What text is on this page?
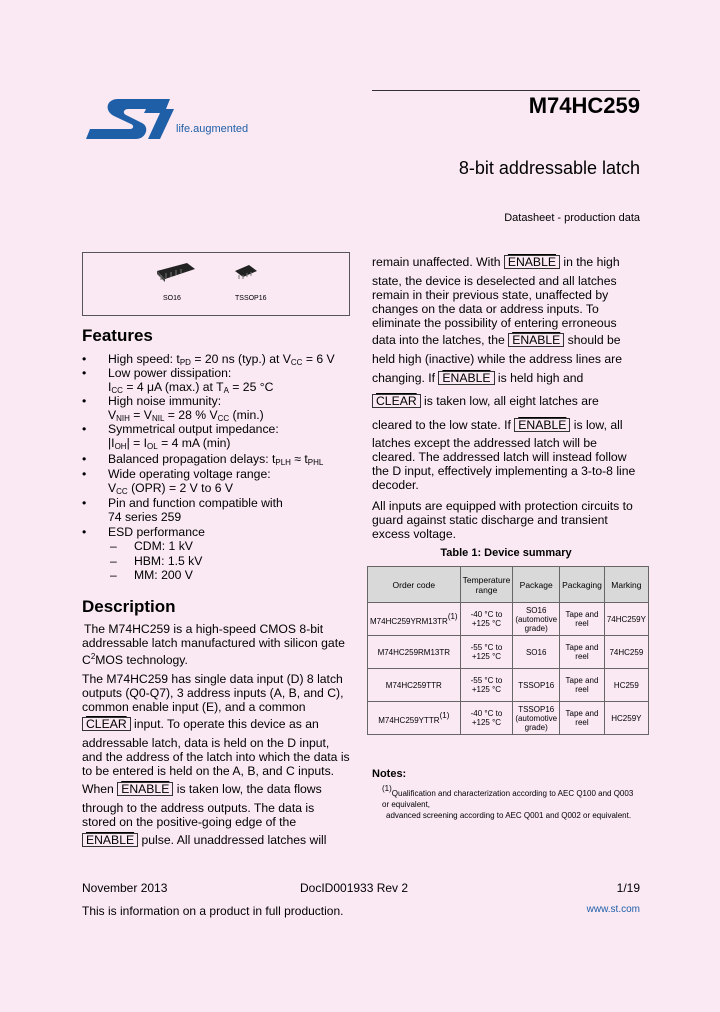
life.augmented
M74HC259
8-bit addressable latch
Datasheet - production data
SO16	TSSOP16
Features
• High speed: $t_{PD} = 20$ ns (typ.) at $V_{CC} = 6$ V
• Low power dissipation:
$I_{CC} = 4$ μA (max.) at $T_A = 25$ °C
• High noise immunity:
$V_{NIH} = V_{NIL} = 28$ % $V_{CC}$ (min.)
• Symmetrical output impedance:
$|I_{OH}| = I_{OL} = 4$ mA (min)
• Balanced propagation delays: $t_{PLH} \approx t_{PHL}$
• Wide operating voltage range:
$V_{CC}$ (OPR) = 2 V to 6 V
• Pin and function compatible with
74 series 259
• ESD performance
– CDM: 1 kV
– HBM: 1.5 kV
– MM: 200 V
Description
The M74HC259 is a high-speed CMOS 8-bit
addressable latch manufactured with silicon gate
$C^2MOS$ technology.
The M74HC259 has single data input (D) 8 latch
outputs (Q0-Q7), 3 address inputs (A, B, and C),
common enable input (E), and a common
CLEAR input. To operate this device as an
addressable latch, data is held on the D input,
and the address of the latch into which the data is
to be entered is held on the A, B, and C inputs.
When ENABLE is taken low, the data flows
through to the address outputs. The data is
stored on the positive-going edge of the
ENABLE pulse. All unaddressed latches will
remain unaffected. With ENABLE in the high
state, the device is deselected and all latches
remain in their previous state, unaffected by
changes on the data or address inputs. To
eliminate the possibility of entering erroneous
data into the latches, the ENABLE should be
held high (inactive) while the address lines are
changing. If ENABLE is held high and
CLEAR is taken low, all eight latches are
cleared to the low state. If ENABLE is low, all
latches except the addressed latch will be
cleared. The addressed latch will instead follow
the D input, effectively implementing a 3-to-8 line
decoder.
All inputs are equipped with protection circuits to
guard against static discharge and transient
excess voltage.
Table 1: Device summary
Order code	Temperature range	Package	Packaging	Marking
M74HC259YRM13TR(1)	-40 °C to +125 °C	SO16 (automotive grade)	Tape and reel	74HC259Y
M74HC259RM13TR	-55 °C to +125 °C	SO16	Tape and reel	74HC259
M74HC259TTR	-55 °C to +125 °C	TSSOP16	Tape and reel	HC259
M74HC259YTTR(1)	-40 °C to +125 °C	TSSOP16 (automotive grade)	Tape and reel	HC259Y
Notes:
(1)Qualification and characterization according to AEC Q100 and Q003 or equivalent,
advanced screening according to AEC Q001 and Q002 or equivalent.
November 2013	DocID001933 Rev 2	1/19
This is information on a product in full production.	www.st.com
